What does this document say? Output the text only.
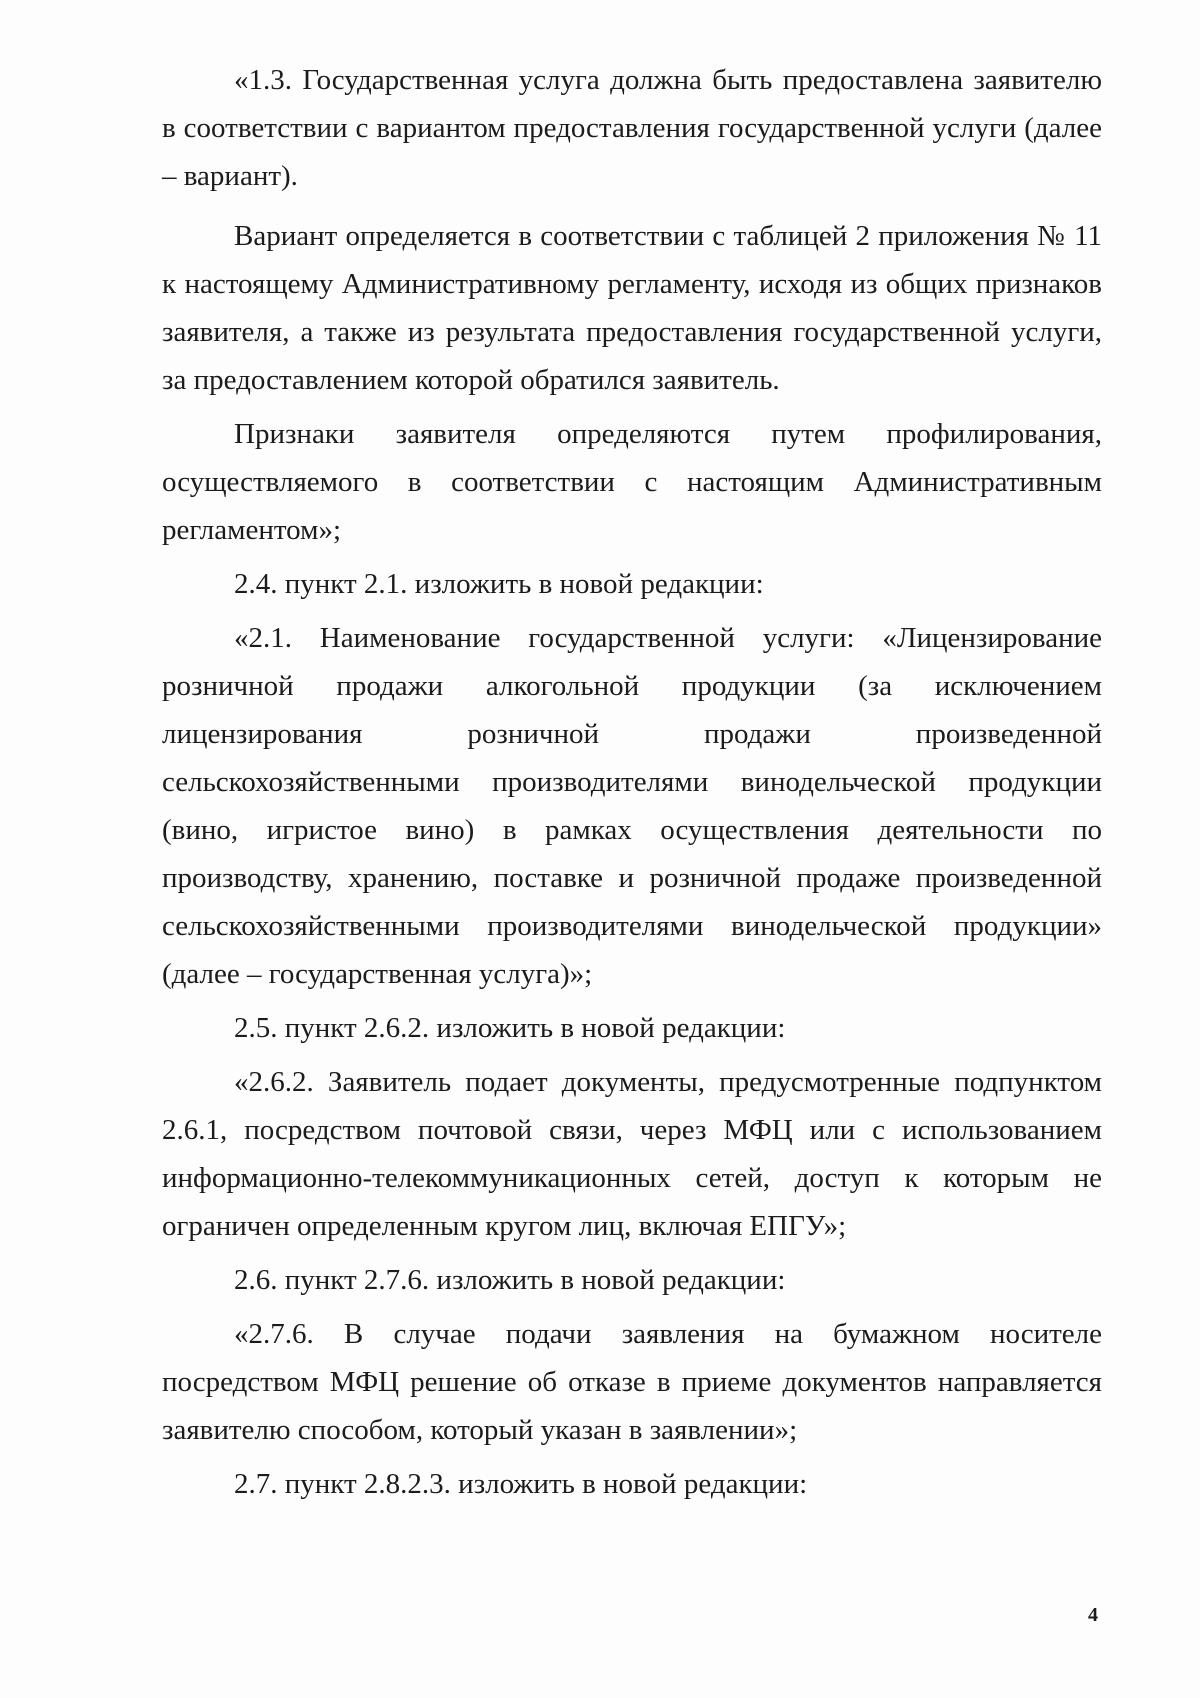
«1.3. Государственная услуга должна быть предоставлена заявителю в соответствии с вариантом предоставления государственной услуги (далее – вариант).

Вариант определяется в соответствии с таблицей 2 приложения № 11 к настоящему Административному регламенту, исходя из общих признаков заявителя, а также из результата предоставления государственной услуги, за предоставлением которой обратился заявитель.

Признаки заявителя определяются путем профилирования, осуществляемого в соответствии с настоящим Административным регламентом»;

2.4. пункт 2.1. изложить в новой редакции:

«2.1. Наименование государственной услуги: «Лицензирование розничной продажи алкогольной продукции (за исключением лицензирования розничной продажи произведенной сельскохозяйственными производителями винодельческой продукции (вино, игристое вино) в рамках осуществления деятельности по производству, хранению, поставке и розничной продаже произведенной сельскохозяйственными производителями винодельческой продукции» (далее – государственная услуга)»;

2.5. пункт 2.6.2. изложить в новой редакции:

«2.6.2. Заявитель подает документы, предусмотренные подпунктом 2.6.1, посредством почтовой связи, через МФЦ или с использованием информационно-телекоммуникационных сетей, доступ к которым не ограничен определенным кругом лиц, включая ЕПГУ»;

2.6. пункт 2.7.6. изложить в новой редакции:

«2.7.6. В случае подачи заявления на бумажном носителе посредством МФЦ решение об отказе в приеме документов направляется заявителю способом, который указан в заявлении»;

2.7. пункт 2.8.2.3. изложить в новой редакции:

4
